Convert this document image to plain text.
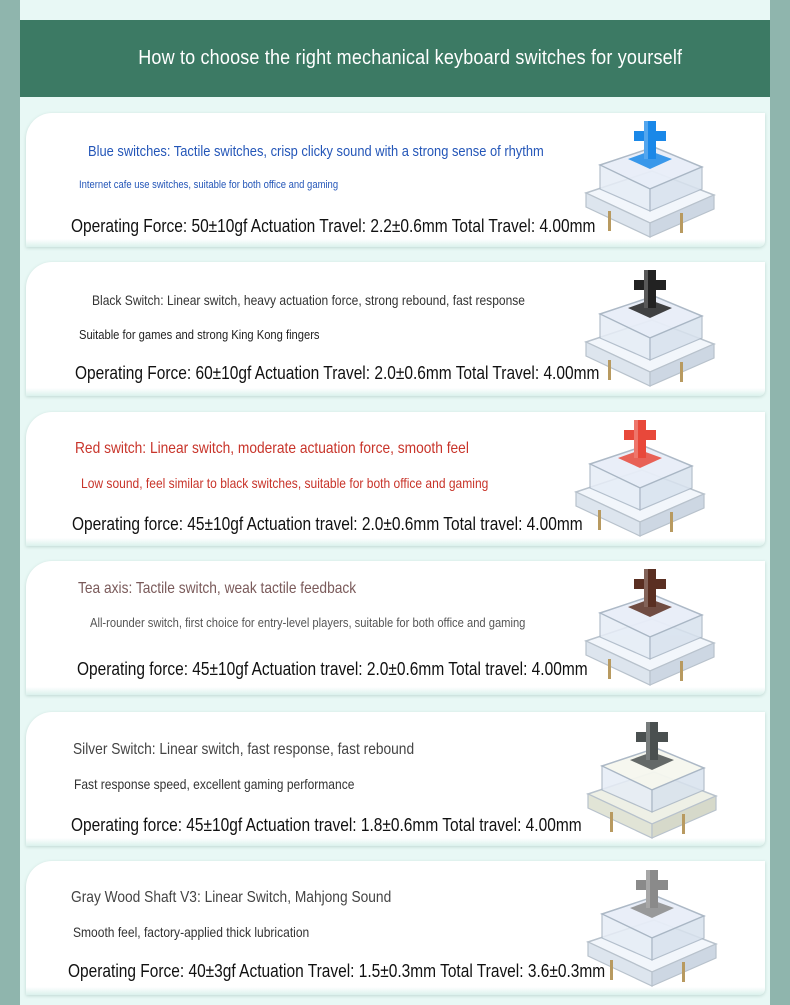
How to choose the right mechanical keyboard switches for yourself
Blue switches: Tactile switches, crisp clicky sound with a strong sense of rhythm
Internet cafe use switches, suitable for both office and gaming
Operating Force: 50±10gf Actuation Travel: 2.2±0.6mm Total Travel: 4.00mm
Black Switch: Linear switch, heavy actuation force, strong rebound, fast response
Suitable for games and strong King Kong fingers
Operating Force: 60±10gf Actuation Travel: 2.0±0.6mm Total Travel: 4.00mm
Red switch: Linear switch, moderate actuation force, smooth feel
Low sound, feel similar to black switches, suitable for both office and gaming
Operating force: 45±10gf Actuation travel: 2.0±0.6mm Total travel: 4.00mm
Tea axis: Tactile switch, weak tactile feedback
All-rounder switch, first choice for entry-level players, suitable for both office and gaming
Operating force: 45±10gf Actuation travel: 2.0±0.6mm Total travel: 4.00mm
Silver Switch: Linear switch, fast response, fast rebound
Fast response speed, excellent gaming performance
Operating force: 45±10gf Actuation travel: 1.8±0.6mm Total travel: 4.00mm
Gray Wood Shaft V3: Linear Switch, Mahjong Sound
Smooth feel, factory-applied thick lubrication
Operating Force: 40±3gf Actuation Travel: 1.5±0.3mm Total Travel: 3.6±0.3mm
